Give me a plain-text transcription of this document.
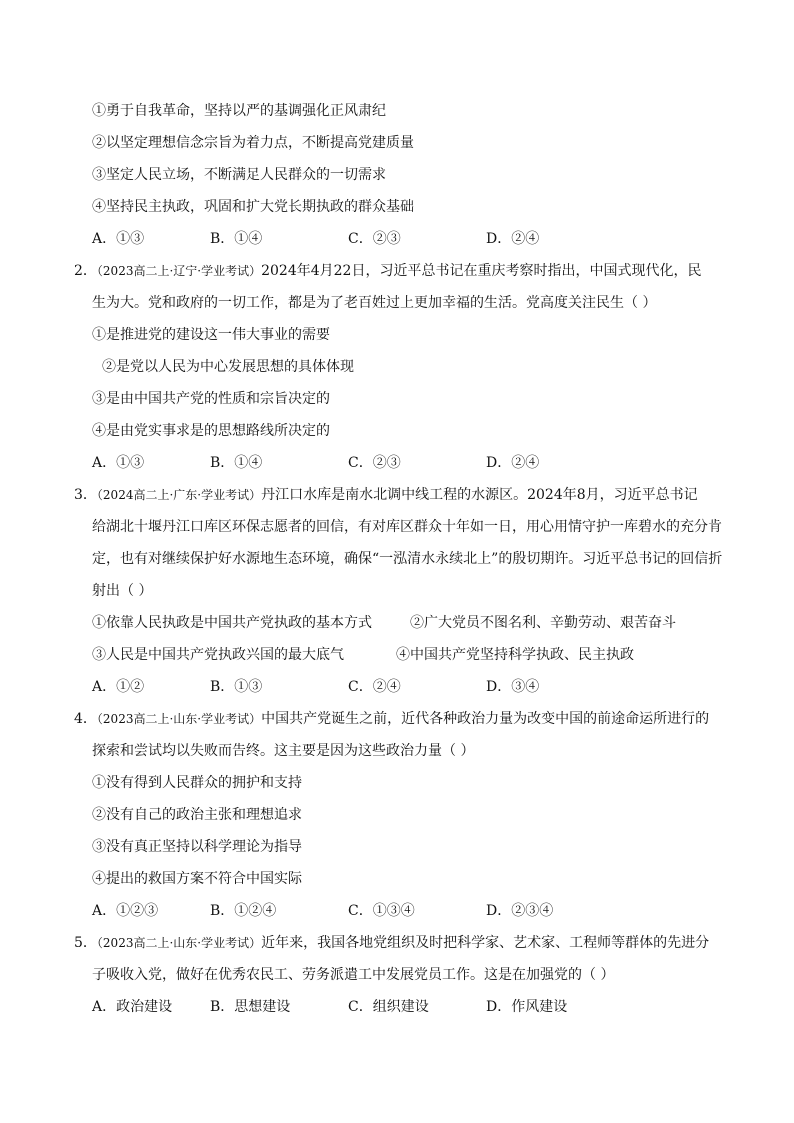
①勇于自我革命，坚持以严的基调强化正风肃纪
②以坚定理想信念宗旨为着力点，不断提高党建质量
③坚定人民立场，不断满足人民群众的一切需求
④坚持民主执政，巩固和扩大党长期执政的群众基础
A．①③	B．①④	C．②③	D．②④
2．（2023高二上·辽宁·学业考试）2024年4月22日，习近平总书记在重庆考察时指出，中国式现代化，民
生为大。党和政府的一切工作，都是为了老百姓过上更加幸福的生活。党高度关注民生（ ）
①是推进党的建设这一伟大事业的需要
②是党以人民为中心发展思想的具体体现
③是由中国共产党的性质和宗旨决定的
④是由党实事求是的思想路线所决定的
A．①③	B．①④	C．②③	D．②④
3．（2024高二上·广东·学业考试）丹江口水库是南水北调中线工程的水源区。2024年8月，习近平总书记
给湖北十堰丹江口库区环保志愿者的回信，有对库区群众十年如一日，用心用情守护一库碧水的充分肯
定，也有对继续保护好水源地生态环境，确保“一泓清水永续北上”的殷切期许。习近平总书记的回信折
射出（ ）
①依靠人民执政是中国共产党执政的基本方式	②广大党员不图名利、辛勤劳动、艰苦奋斗
③人民是中国共产党执政兴国的最大底气	④中国共产党坚持科学执政、民主执政
A．①②	B．①③	C．②④	D．③④
4．（2023高二上·山东·学业考试）中国共产党诞生之前，近代各种政治力量为改变中国的前途命运所进行的
探索和尝试均以失败而告终。这主要是因为这些政治力量（ ）
①没有得到人民群众的拥护和支持
②没有自己的政治主张和理想追求
③没有真正坚持以科学理论为指导
④提出的救国方案不符合中国实际
A．①②③	B．①②④	C．①③④	D．②③④
5．（2023高二上·山东·学业考试）近年来，我国各地党组织及时把科学家、艺术家、工程师等群体的先进分
子吸收入党，做好在优秀农民工、劳务派遣工中发展党员工作。这是在加强党的（ ）
A．政治建设	B．思想建设	C．组织建设	D．作风建设
